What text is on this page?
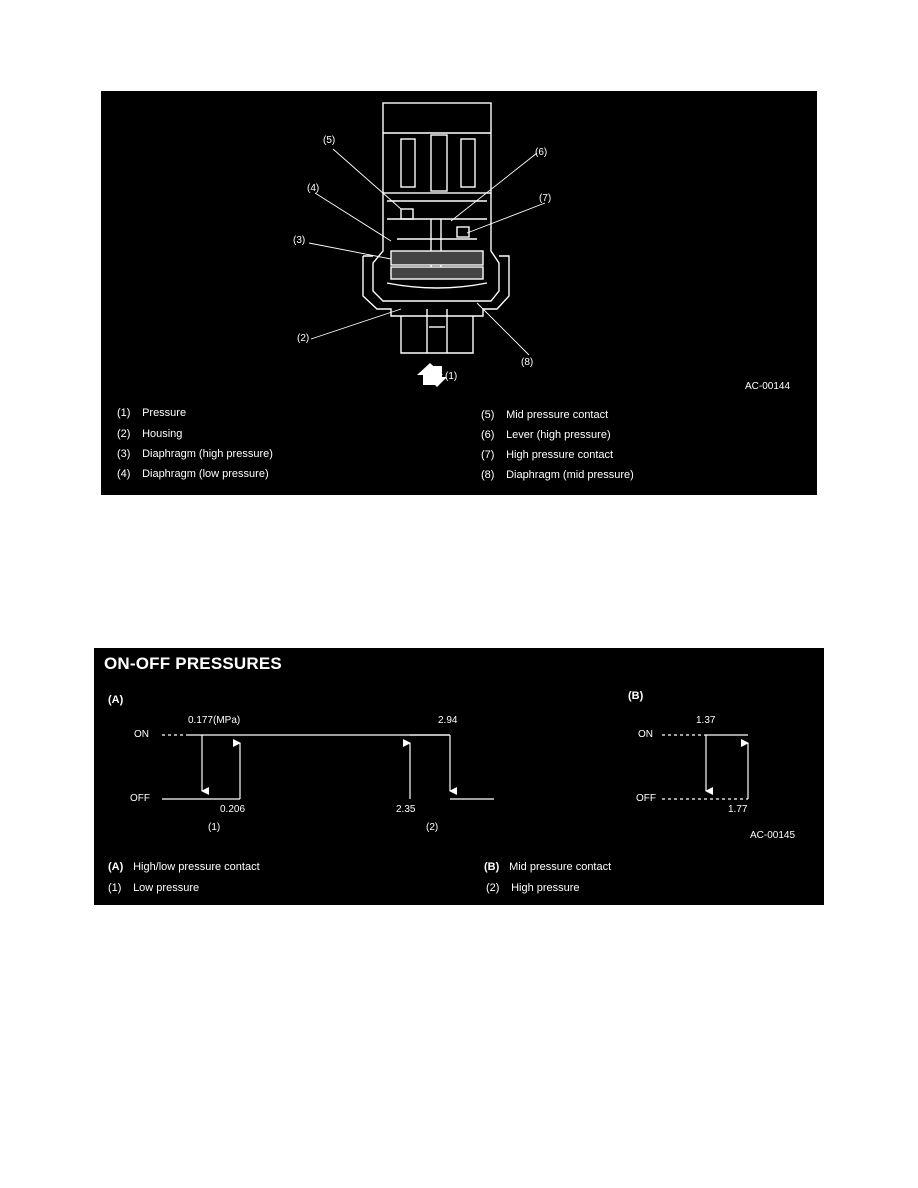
(5)
(6)
(4)
(7)
(3)
(2)
(8)
(1)
AC-00144
(1) Pressure
(2) Housing
(3) Diaphragm (high pressure)
(4) Diaphragm (low pressure)
(5) Mid pressure contact
(6) Lever (high pressure)
(7) High pressure contact
(8) Diaphragm (mid pressure)
ON-OFF PRESSURES
(A)	(B)
ON
OFF
0.177(MPa)
0.206
2.94
2.35
(1)	(2)
ON
OFF
1.37
1.77
AC-00145
(A) High/low pressure contact
(1) Low pressure
(B) Mid pressure contact
(2) High pressure
